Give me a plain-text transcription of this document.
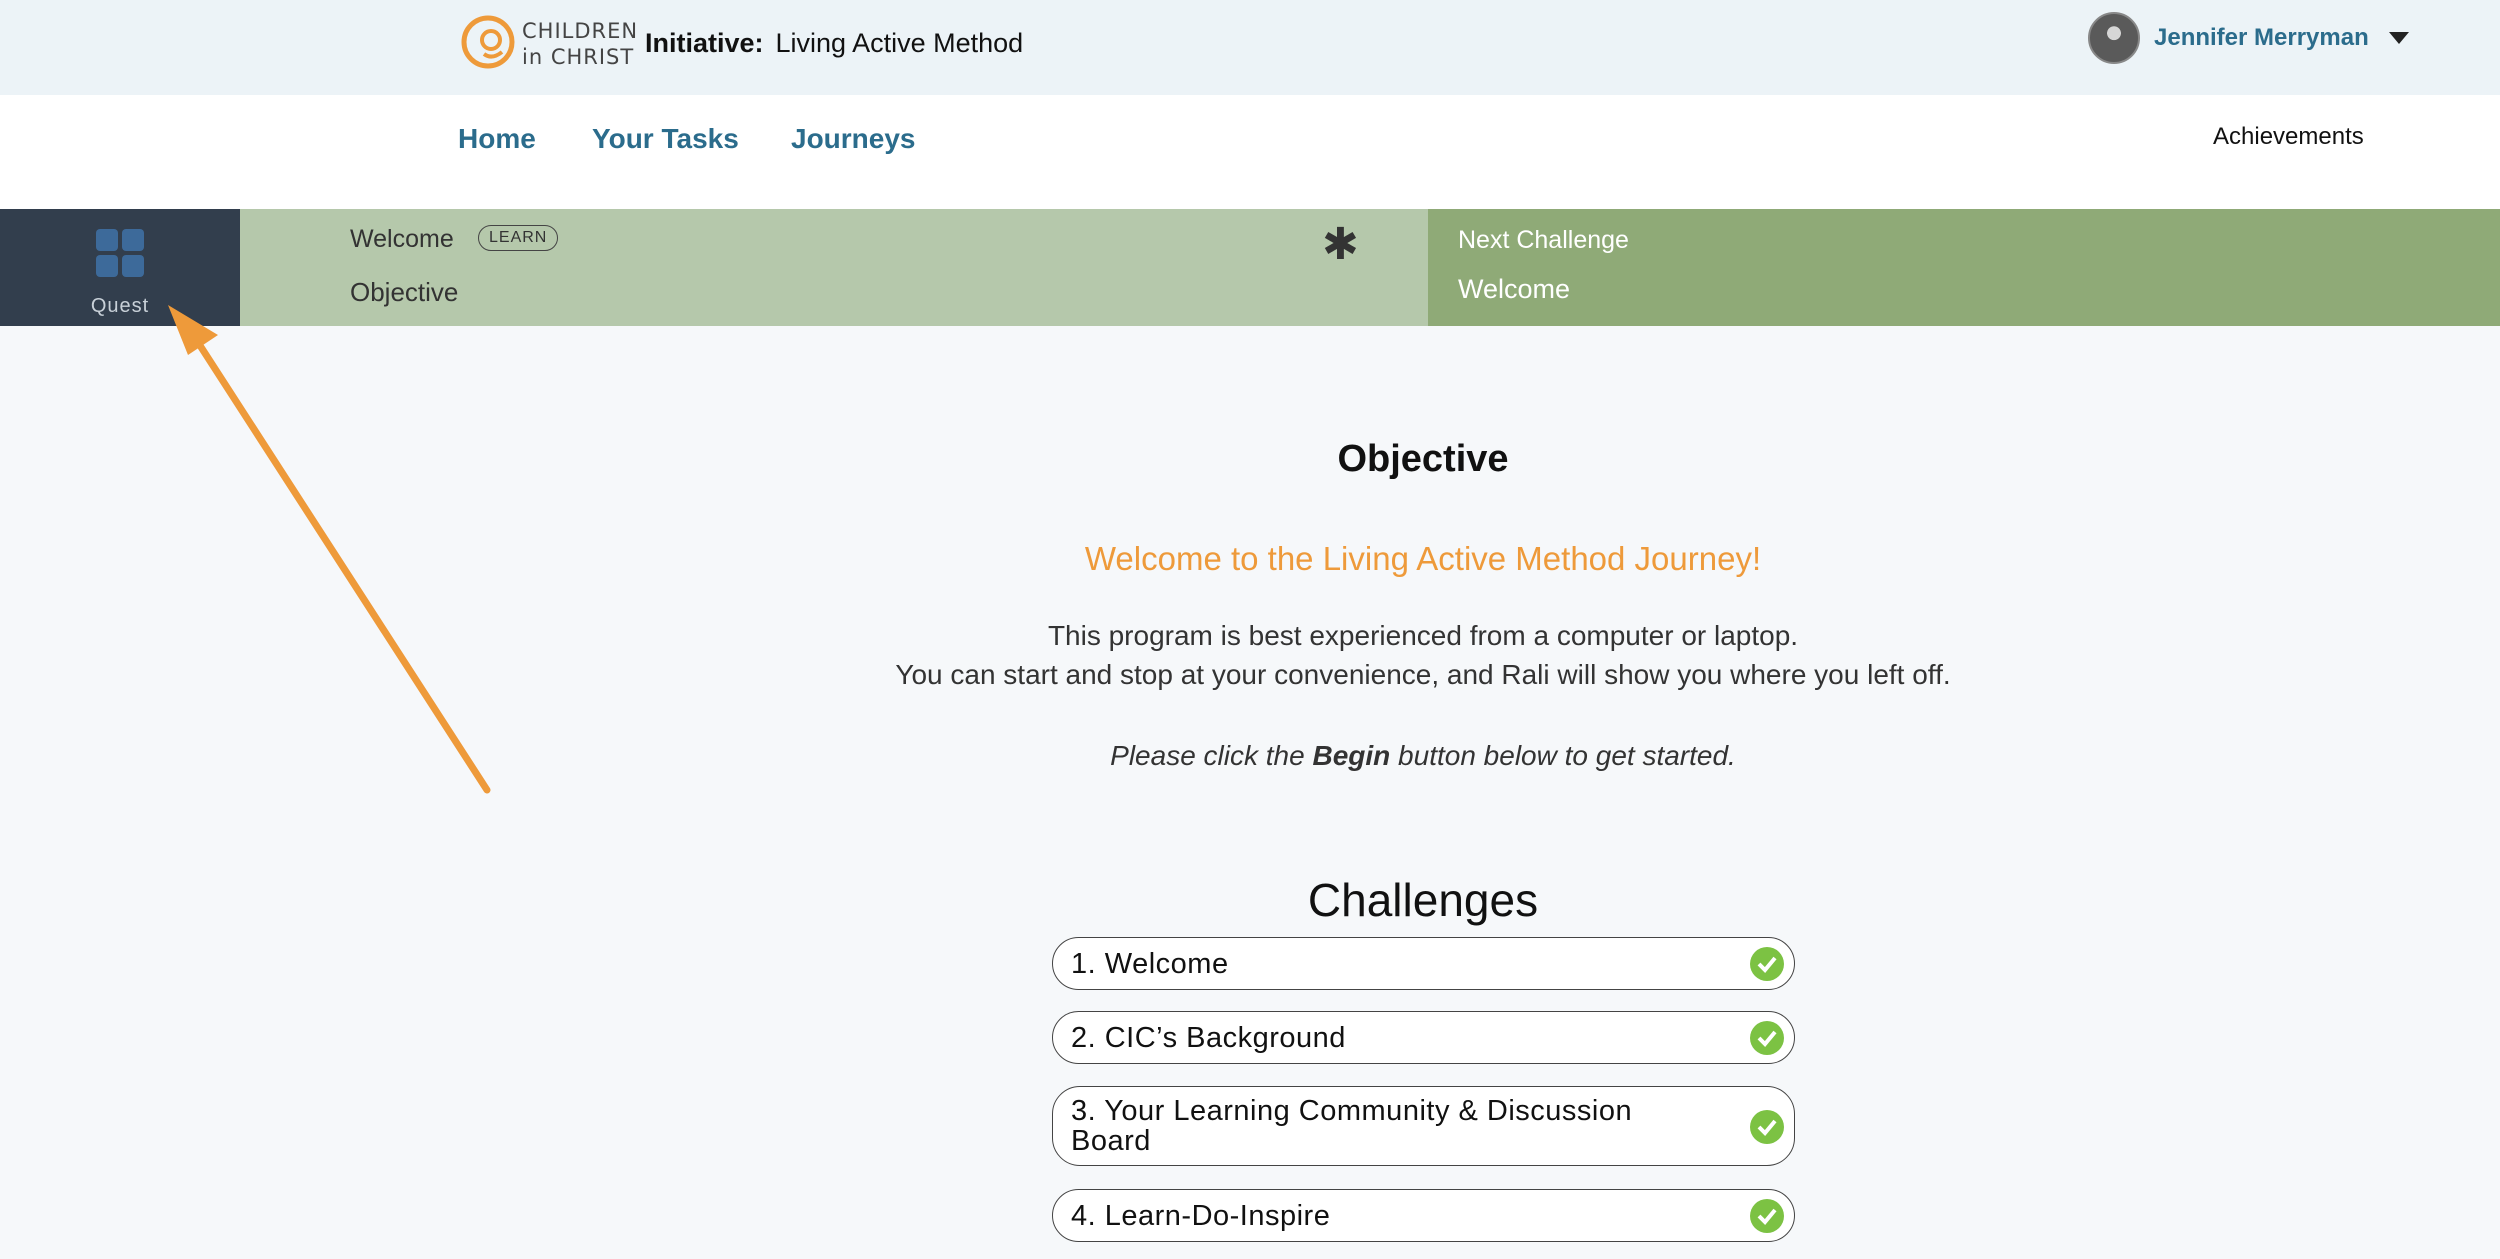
CHILDREN
in CHRIST Initiative: Living Active Method	Jennifer Merryman
Home Your Tasks Journeys	Achievements
Quest
Welcome	LEARN
Objective
✱	Next Challenge
Welcome
Objective
Welcome to the Living Active Method Journey!
This program is best experienced from a computer or laptop.
You can start and stop at your convenience, and Rali will show you where you left off.
Please click the Begin button below to get started.
Challenges
1. Welcome
2. CIC’s Background
3. Your Learning Community & Discussion Board
4. Learn-Do-Inspire
